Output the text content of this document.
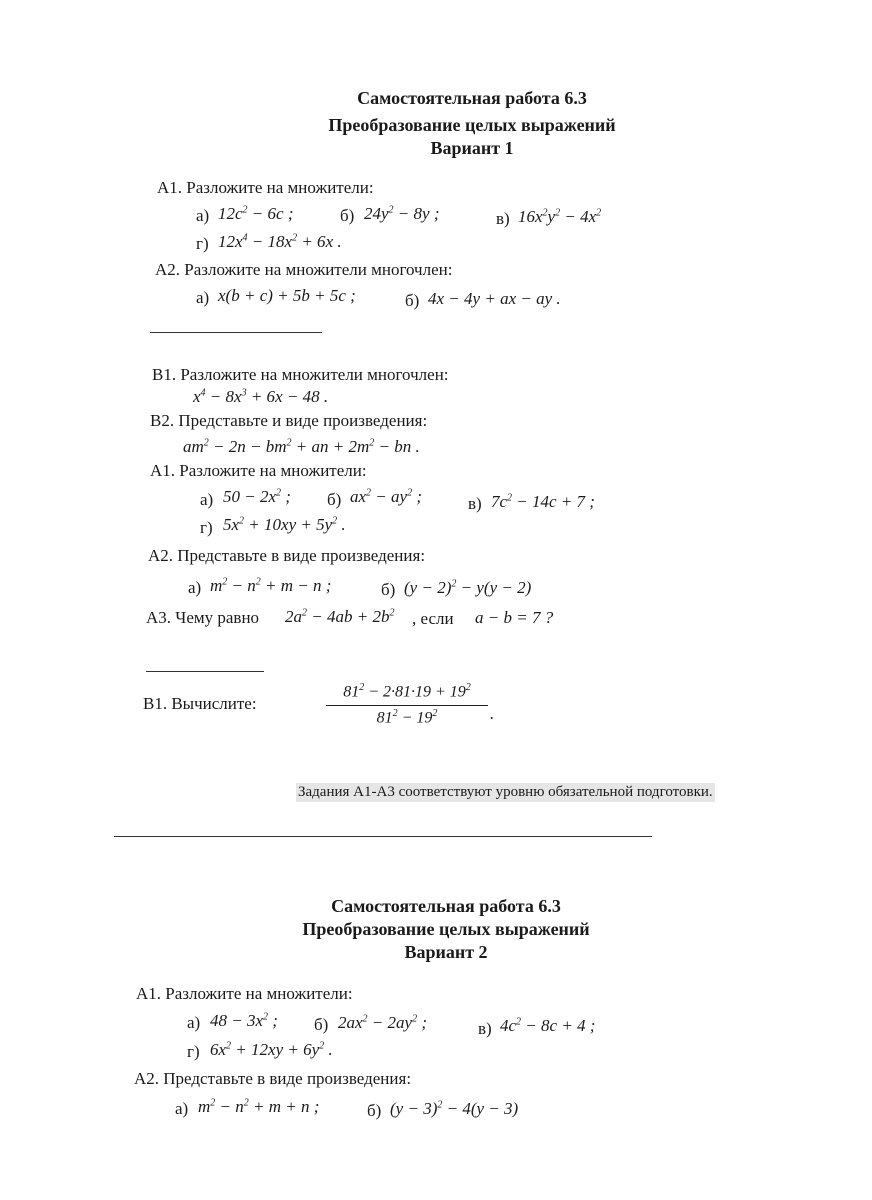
Самостоятельная работа 6.3
Преобразование целых выражений
Вариант 1
А1. Разложите на множители:
а) $12c^2 - 6c$ ;	б) $24y^2 - 8y$ ;	в) $16x^2y^2 - 4x^2$
г) $12x^4 - 18x^2 + 6x$ .
А2. Разложите на множители многочлен:
а) x(b + c) + 5b + 5c ;	б) 4x − 4y + ax − ay .
В1. Разложите на множители многочлен:
$x^4 - 8x^3 + 6x - 48$ .
В2. Представьте и виде произведения:
$am^2 - 2n - bm^2$ + an + $2m^2$ − bn .
А1. Разложите на множители:
а) $50 - 2x^2$ ; б) $ax^2 - ay^2$ ;	в) $7c^2 - 14c + 7$ ;
г) $5x^2 + 10xy + 5y^2$ .
А2. Представьте в виде произведения:
а) $m^2 - n^2 + m - n$ ;	б) $(y - 2)^2 - y(y - 2)$
А3. Чему равно $2a^2 - 4ab + 2b^2$ , если a − b = 7 ?
В1. Вычислите:
$81^2 - 2\cdot 81\cdot 19 + 19^2$
$81^2 - 19^2$	.
Задания А1-А3 соответствуют уровню обязательной подготовки.
Самостоятельная работа 6.3
Преобразование целых выражений
Вариант 2
А1. Разложите на множители:
а) $48 - 3x^2$ ; б) $2ax^2 - 2ay^2$ ;	в) $4c^2 - 8c + 4$ ;
г) $6x^2 + 12xy + 6y^2$ .
А2. Представьте в виде произведения:
а) $m^2 - n^2 + m + n$ ;	б) $(y - 3)^2 - 4(y - 3)$
